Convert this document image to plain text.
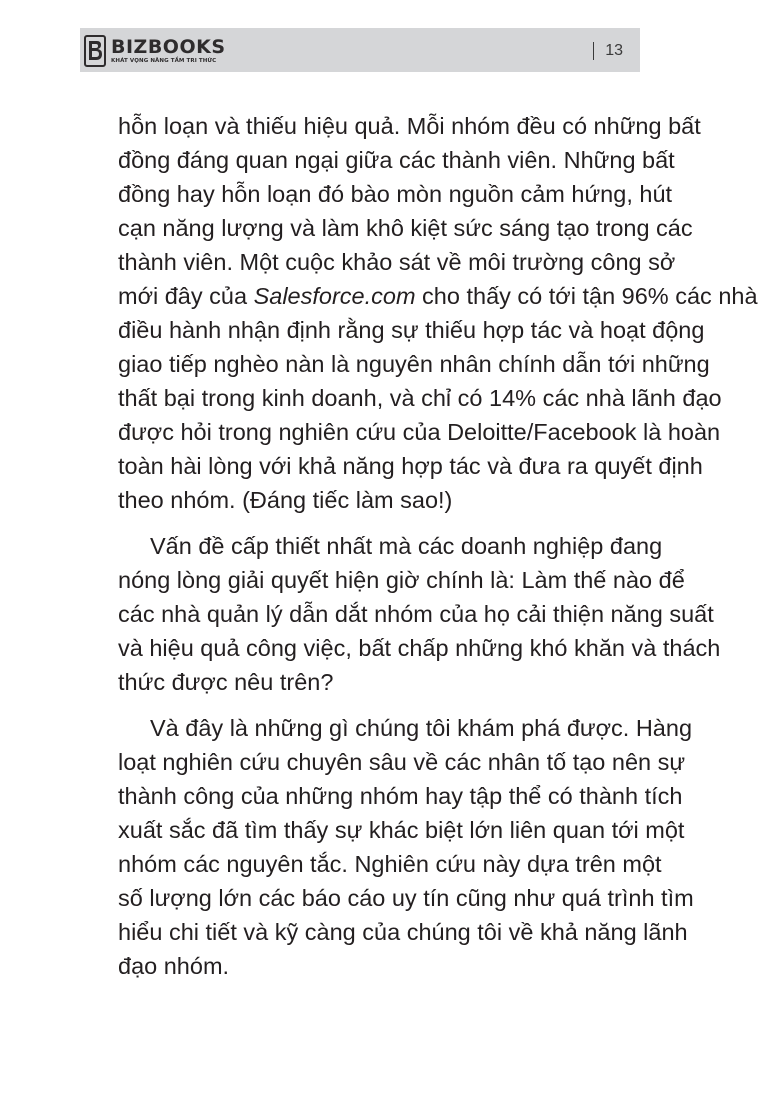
BIZBOOKS
KHÁT VỌNG NÂNG TẦM TRI THỨC
13

hỗn loạn và thiếu hiệu quả. Mỗi nhóm đều có những bất
đồng đáng quan ngại giữa các thành viên. Những bất
đồng hay hỗn loạn đó bào mòn nguồn cảm hứng, hút
cạn năng lượng và làm khô kiệt sức sáng tạo trong các
thành viên. Một cuộc khảo sát về môi trường công sở
mới đây của Salesforce.com cho thấy có tới tận 96% các nhà
điều hành nhận định rằng sự thiếu hợp tác và hoạt động
giao tiếp nghèo nàn là nguyên nhân chính dẫn tới những
thất bại trong kinh doanh, và chỉ có 14% các nhà lãnh đạo
được hỏi trong nghiên cứu của Deloitte/Facebook là hoàn
toàn hài lòng với khả năng hợp tác và đưa ra quyết định
theo nhóm. (Đáng tiếc làm sao!)

Vấn đề cấp thiết nhất mà các doanh nghiệp đang
nóng lòng giải quyết hiện giờ chính là: Làm thế nào để
các nhà quản lý dẫn dắt nhóm của họ cải thiện năng suất
và hiệu quả công việc, bất chấp những khó khăn và thách
thức được nêu trên?

Và đây là những gì chúng tôi khám phá được. Hàng
loạt nghiên cứu chuyên sâu về các nhân tố tạo nên sự
thành công của những nhóm hay tập thể có thành tích
xuất sắc đã tìm thấy sự khác biệt lớn liên quan tới một
nhóm các nguyên tắc. Nghiên cứu này dựa trên một
số lượng lớn các báo cáo uy tín cũng như quá trình tìm
hiểu chi tiết và kỹ càng của chúng tôi về khả năng lãnh
đạo nhóm.
